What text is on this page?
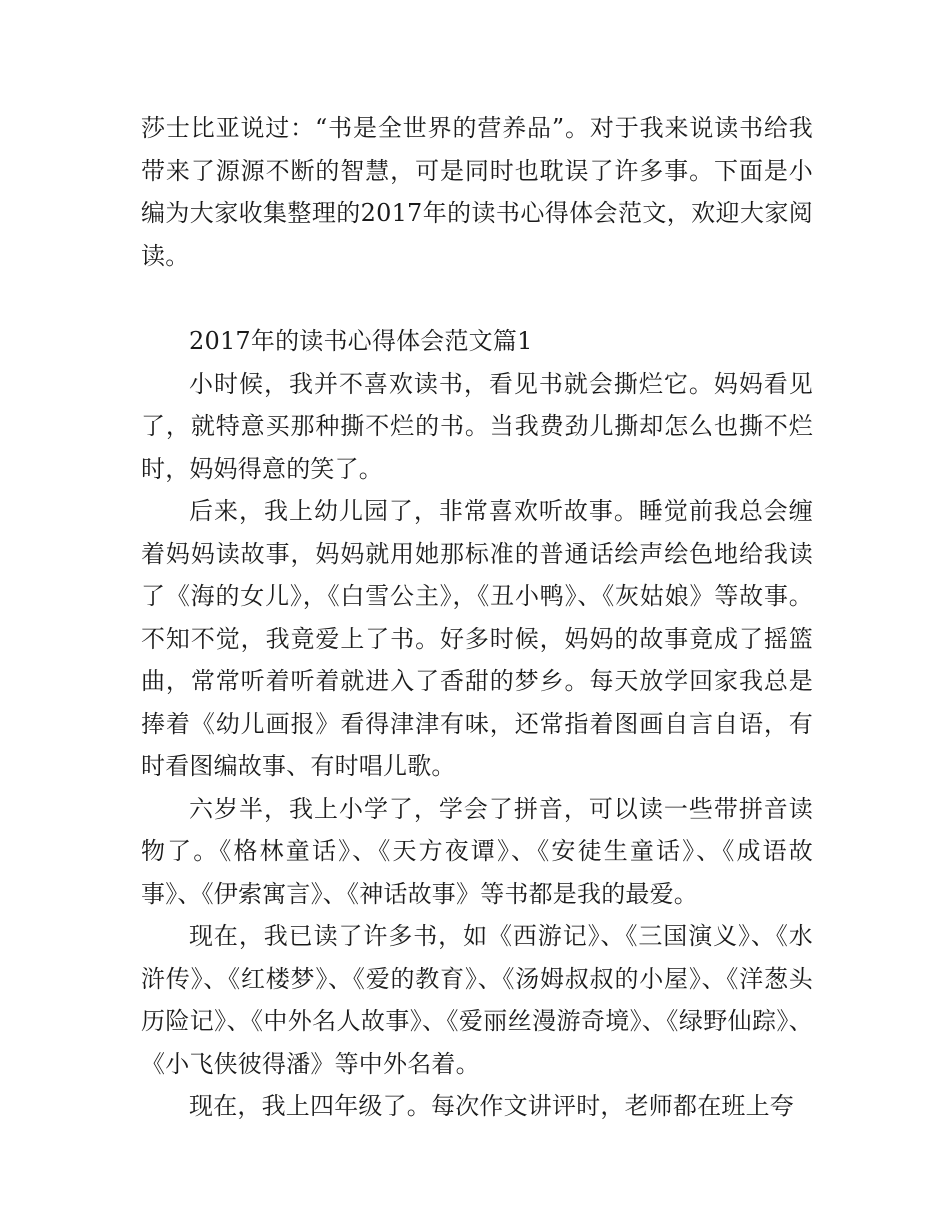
莎士比亚说过：“书是全世界的营养品”。对于我来说读书给我带来了源源不断的智慧，可是同时也耽误了许多事。下面是小编为大家收集整理的2017年的读书心得体会范文，欢迎大家阅读。

2017年的读书心得体会范文篇1

小时候，我并不喜欢读书，看见书就会撕烂它。妈妈看见了，就特意买那种撕不烂的书。当我费劲儿撕却怎么也撕不烂时，妈妈得意的笑了。

后来，我上幼儿园了，非常喜欢听故事。睡觉前我总会缠着妈妈读故事，妈妈就用她那标准的普通话绘声绘色地给我读了《海的女儿》，《白雪公主》，《丑小鸭》、《灰姑娘》等故事。不知不觉，我竟爱上了书。好多时候，妈妈的故事竟成了摇篮曲，常常听着听着就进入了香甜的梦乡。每天放学回家我总是捧着《幼儿画报》看得津津有味，还常指着图画自言自语，有时看图编故事、有时唱儿歌。

六岁半，我上小学了，学会了拼音，可以读一些带拼音读物了。《格林童话》、《天方夜谭》、《安徒生童话》、《成语故事》、《伊索寓言》、《神话故事》等书都是我的最爱。

现在，我已读了许多书，如《西游记》、《三国演义》、《水浒传》、《红楼梦》、《爱的教育》、《汤姆叔叔的小屋》、《洋葱头历险记》、《中外名人故事》、《爱丽丝漫游奇境》、《绿野仙踪》、《小飞侠彼得潘》等中外名着。

现在，我上四年级了。每次作文讲评时，老师都在班上夸
